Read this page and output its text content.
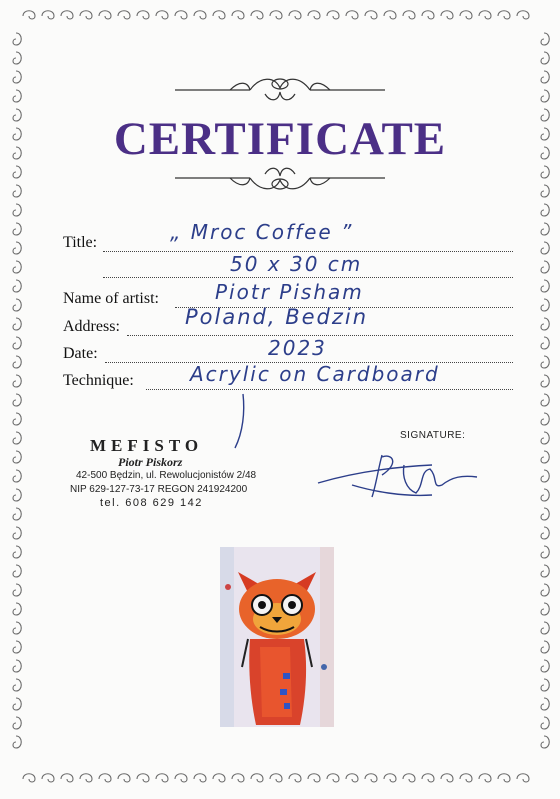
CERTIFICATE
Title:	„ Mroc Coffee ”
50 x 30 cm
Name of artist:	Piotr Pisham
Address:	Poland, Bedzin
Date:	2023
Technique:	Acrylic on Cardboard
MEFISTO
Piotr Piskorz
42-500 Będzin, ul. Rewolucjonistów 2/48
NIP 629-127-73-17 REGON 241924200
tel. 608 629 142
SIGNATURE:
